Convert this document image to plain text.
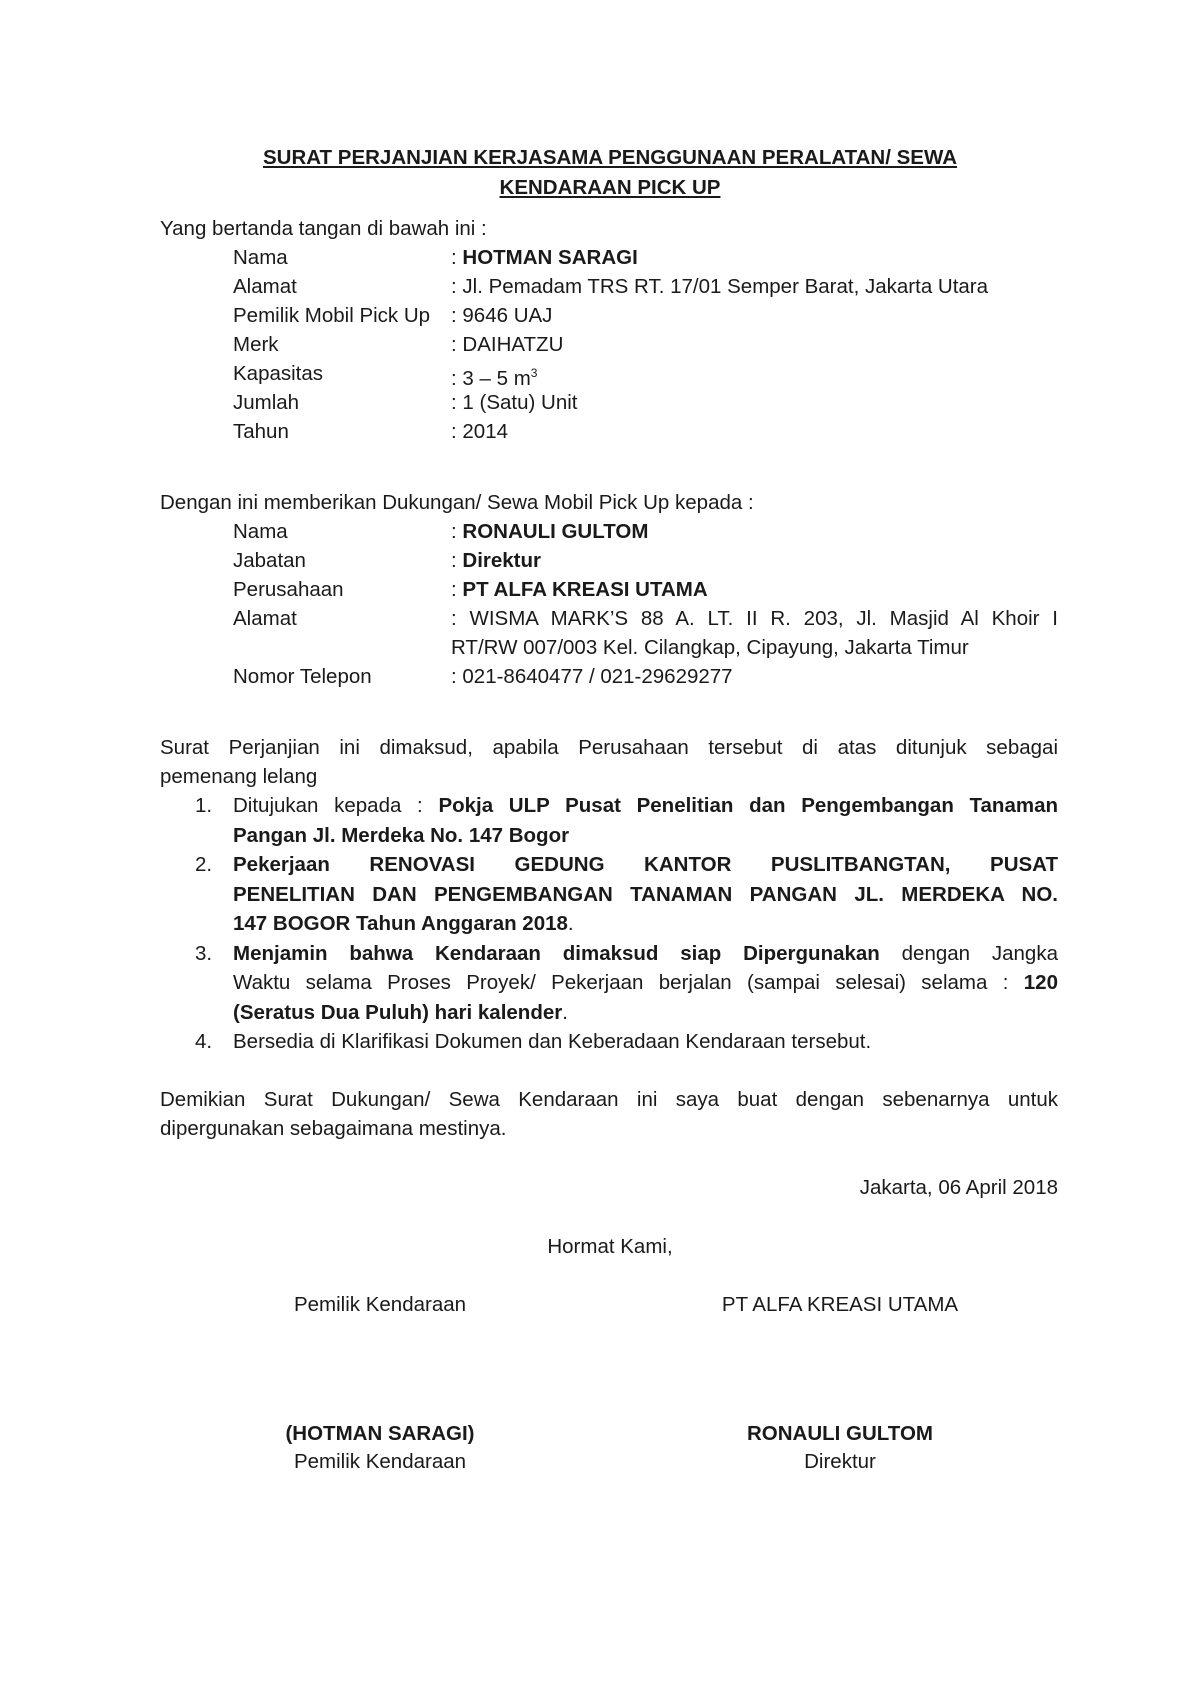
SURAT PERJANJIAN KERJASAMA PENGGUNAAN PERALATAN/ SEWA
KENDARAAN PICK UP
Yang bertanda tangan di bawah ini :
Nama	: HOTMAN SARAGI
Alamat	: Jl. Pemadam TRS RT. 17/01 Semper Barat, Jakarta Utara
Pemilik Mobil Pick Up : 9646 UAJ
Merk	: DAIHATZU
Kapasitas	: 3 – 5 $m^3$
Jumlah	: 1 (Satu) Unit
Tahun	: 2014
Dengan ini memberikan Dukungan/ Sewa Mobil Pick Up kepada :
Nama	: RONAULI GULTOM
Jabatan	: Direktur
Perusahaan	: PT ALFA KREASI UTAMA
Alamat	: WISMA MARK’S 88 A. LT. II R. 203, Jl. Masjid Al Khoir I
RT/RW 007/003 Kel. Cilangkap, Cipayung, Jakarta Timur
Nomor Telepon	: 021-8640477 / 021-29629277
Surat Perjanjian ini dimaksud, apabila Perusahaan tersebut di atas ditunjuk sebagai
pemenang lelang
1. Ditujukan kepada : Pokja ULP Pusat Penelitian dan Pengembangan Tanaman
Pangan Jl. Merdeka No. 147 Bogor
2. Pekerjaan RENOVASI GEDUNG KANTOR PUSLITBANGTAN, PUSAT
PENELITIAN DAN PENGEMBANGAN TANAMAN PANGAN JL. MERDEKA NO.
147 BOGOR Tahun Anggaran 2018.
3. Menjamin bahwa Kendaraan dimaksud siap Dipergunakan dengan Jangka
Waktu selama Proses Proyek/ Pekerjaan berjalan (sampai selesai) selama : 120
(Seratus Dua Puluh) hari kalender.
4. Bersedia di Klarifikasi Dokumen dan Keberadaan Kendaraan tersebut.
Demikian Surat Dukungan/ Sewa Kendaraan ini saya buat dengan sebenarnya untuk
dipergunakan sebagaimana mestinya.
Jakarta, 06 April 2018
Hormat Kami,
Pemilik Kendaraan	PT ALFA KREASI UTAMA
(HOTMAN SARAGI)
Pemilik Kendaraan
RONAULI GULTOM
Direktur
